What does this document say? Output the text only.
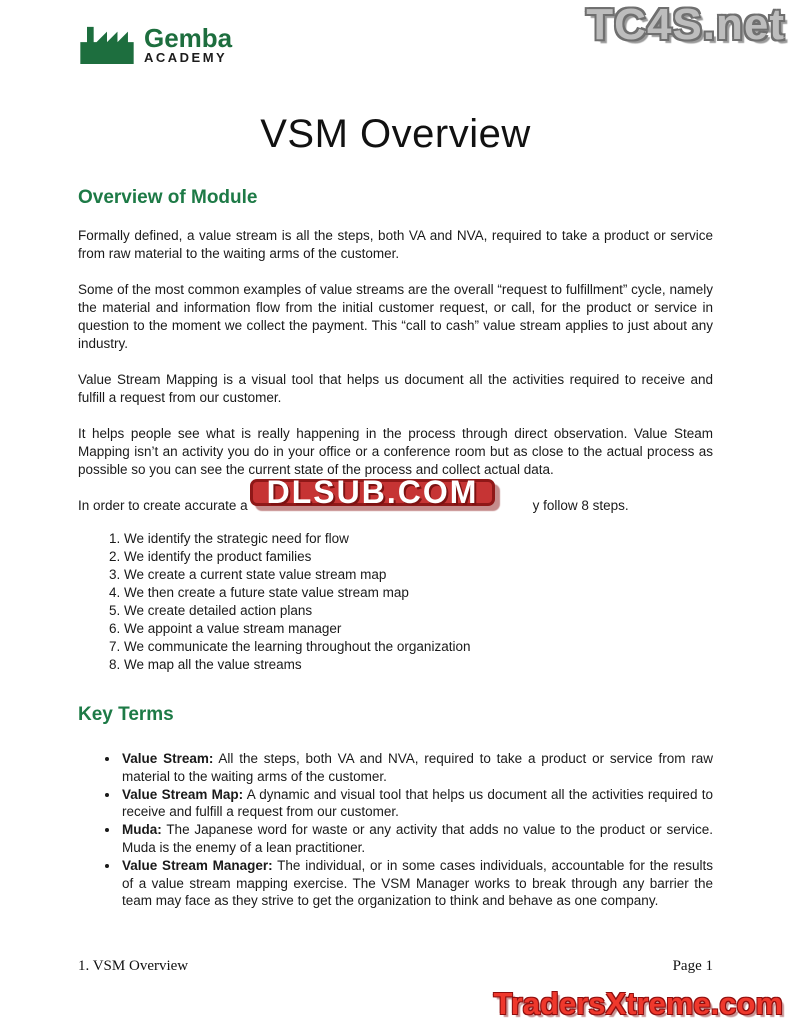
TC4S.net
Gemba
ACADEMY
VSM Overview
Overview of Module

Formally defined, a value stream is all the steps, both VA and NVA, required to take a product or service from raw material to the waiting arms of the customer.

Some of the most common examples of value streams are the overall “request to fulfillment” cycle, namely the material and information flow from the initial customer request, or call, for the product or service in question to the moment we collect the payment. This “call to cash” value stream applies to just about any industry.

Value Stream Mapping is a visual tool that helps us document all the activities required to receive and fulfill a request from our customer.

It helps people see what is really happening in the process through direct observation. Value Steam Mapping isn’t an activity you do in your office or a conference room but as close to the actual process as possible so you can see the current state of the process and collect actual data.

In order to create accurate a DLSUB.COM	y follow 8 steps.

1. We identify the strategic need for flow
2. We identify the product families
3. We create a current state value stream map
4. We then create a future state value stream map
5. We create detailed action plans
6. We appoint a value stream manager
7. We communicate the learning throughout the organization
8. We map all the value streams
Key Terms
• Value Stream: All the steps, both VA and NVA, required to take a product or service from raw material to the waiting arms of the customer.
• Value Stream Map: A dynamic and visual tool that helps us document all the activities required to receive and fulfill a request from our customer.
• Muda: The Japanese word for waste or any activity that adds no value to the product or service. Muda is the enemy of a lean practitioner.
• Value Stream Manager: The individual, or in some cases individuals, accountable for the results of a value stream mapping exercise. The VSM Manager works to break through any barrier the team may face as they strive to get the organization to think and behave as one company.
1. VSM Overview	Page 1
TradersXtreme.com
